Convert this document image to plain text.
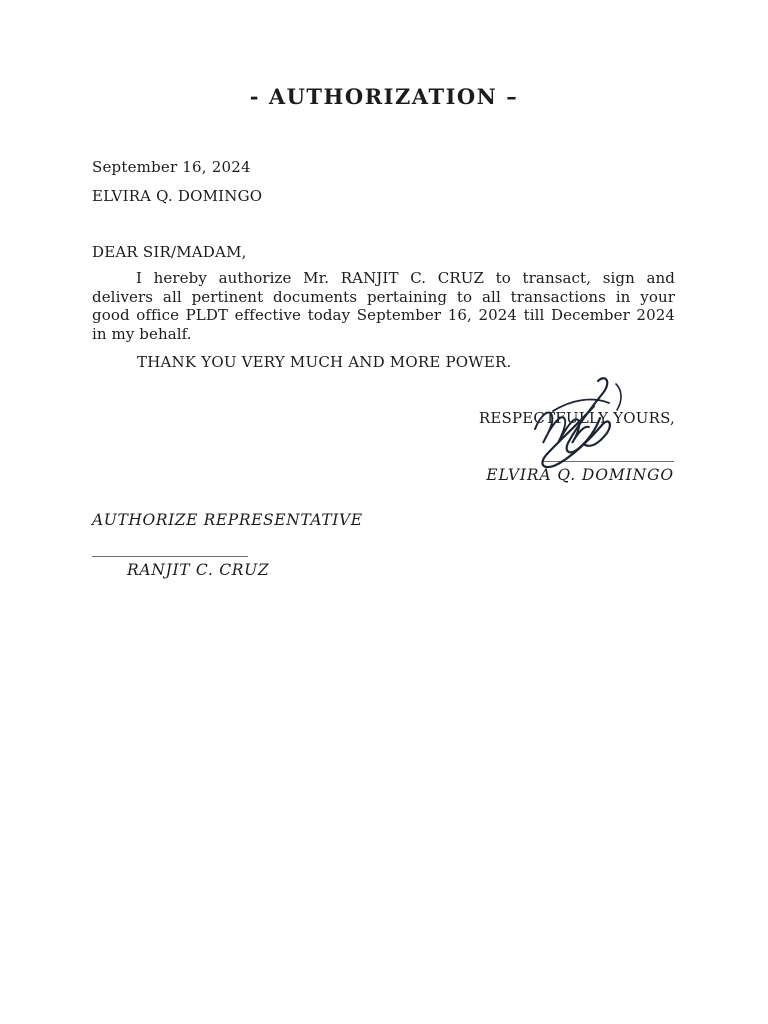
- AUTHORIZATION –
September 16, 2024
ELVIRA Q. DOMINGO
DEAR SIR/MADAM,
I hereby authorize Mr. RANJIT C. CRUZ to transact, sign and
delivers all pertinent documents pertaining to all transactions in your
good office PLDT effective today September 16, 2024 till December 2024
in my behalf.
THANK YOU VERY MUCH AND MORE POWER.
RESPECTFULLY YOURS,
ELVIRA Q. DOMINGO
AUTHORIZE REPRESENTATIVE
RANJIT C. CRUZ
